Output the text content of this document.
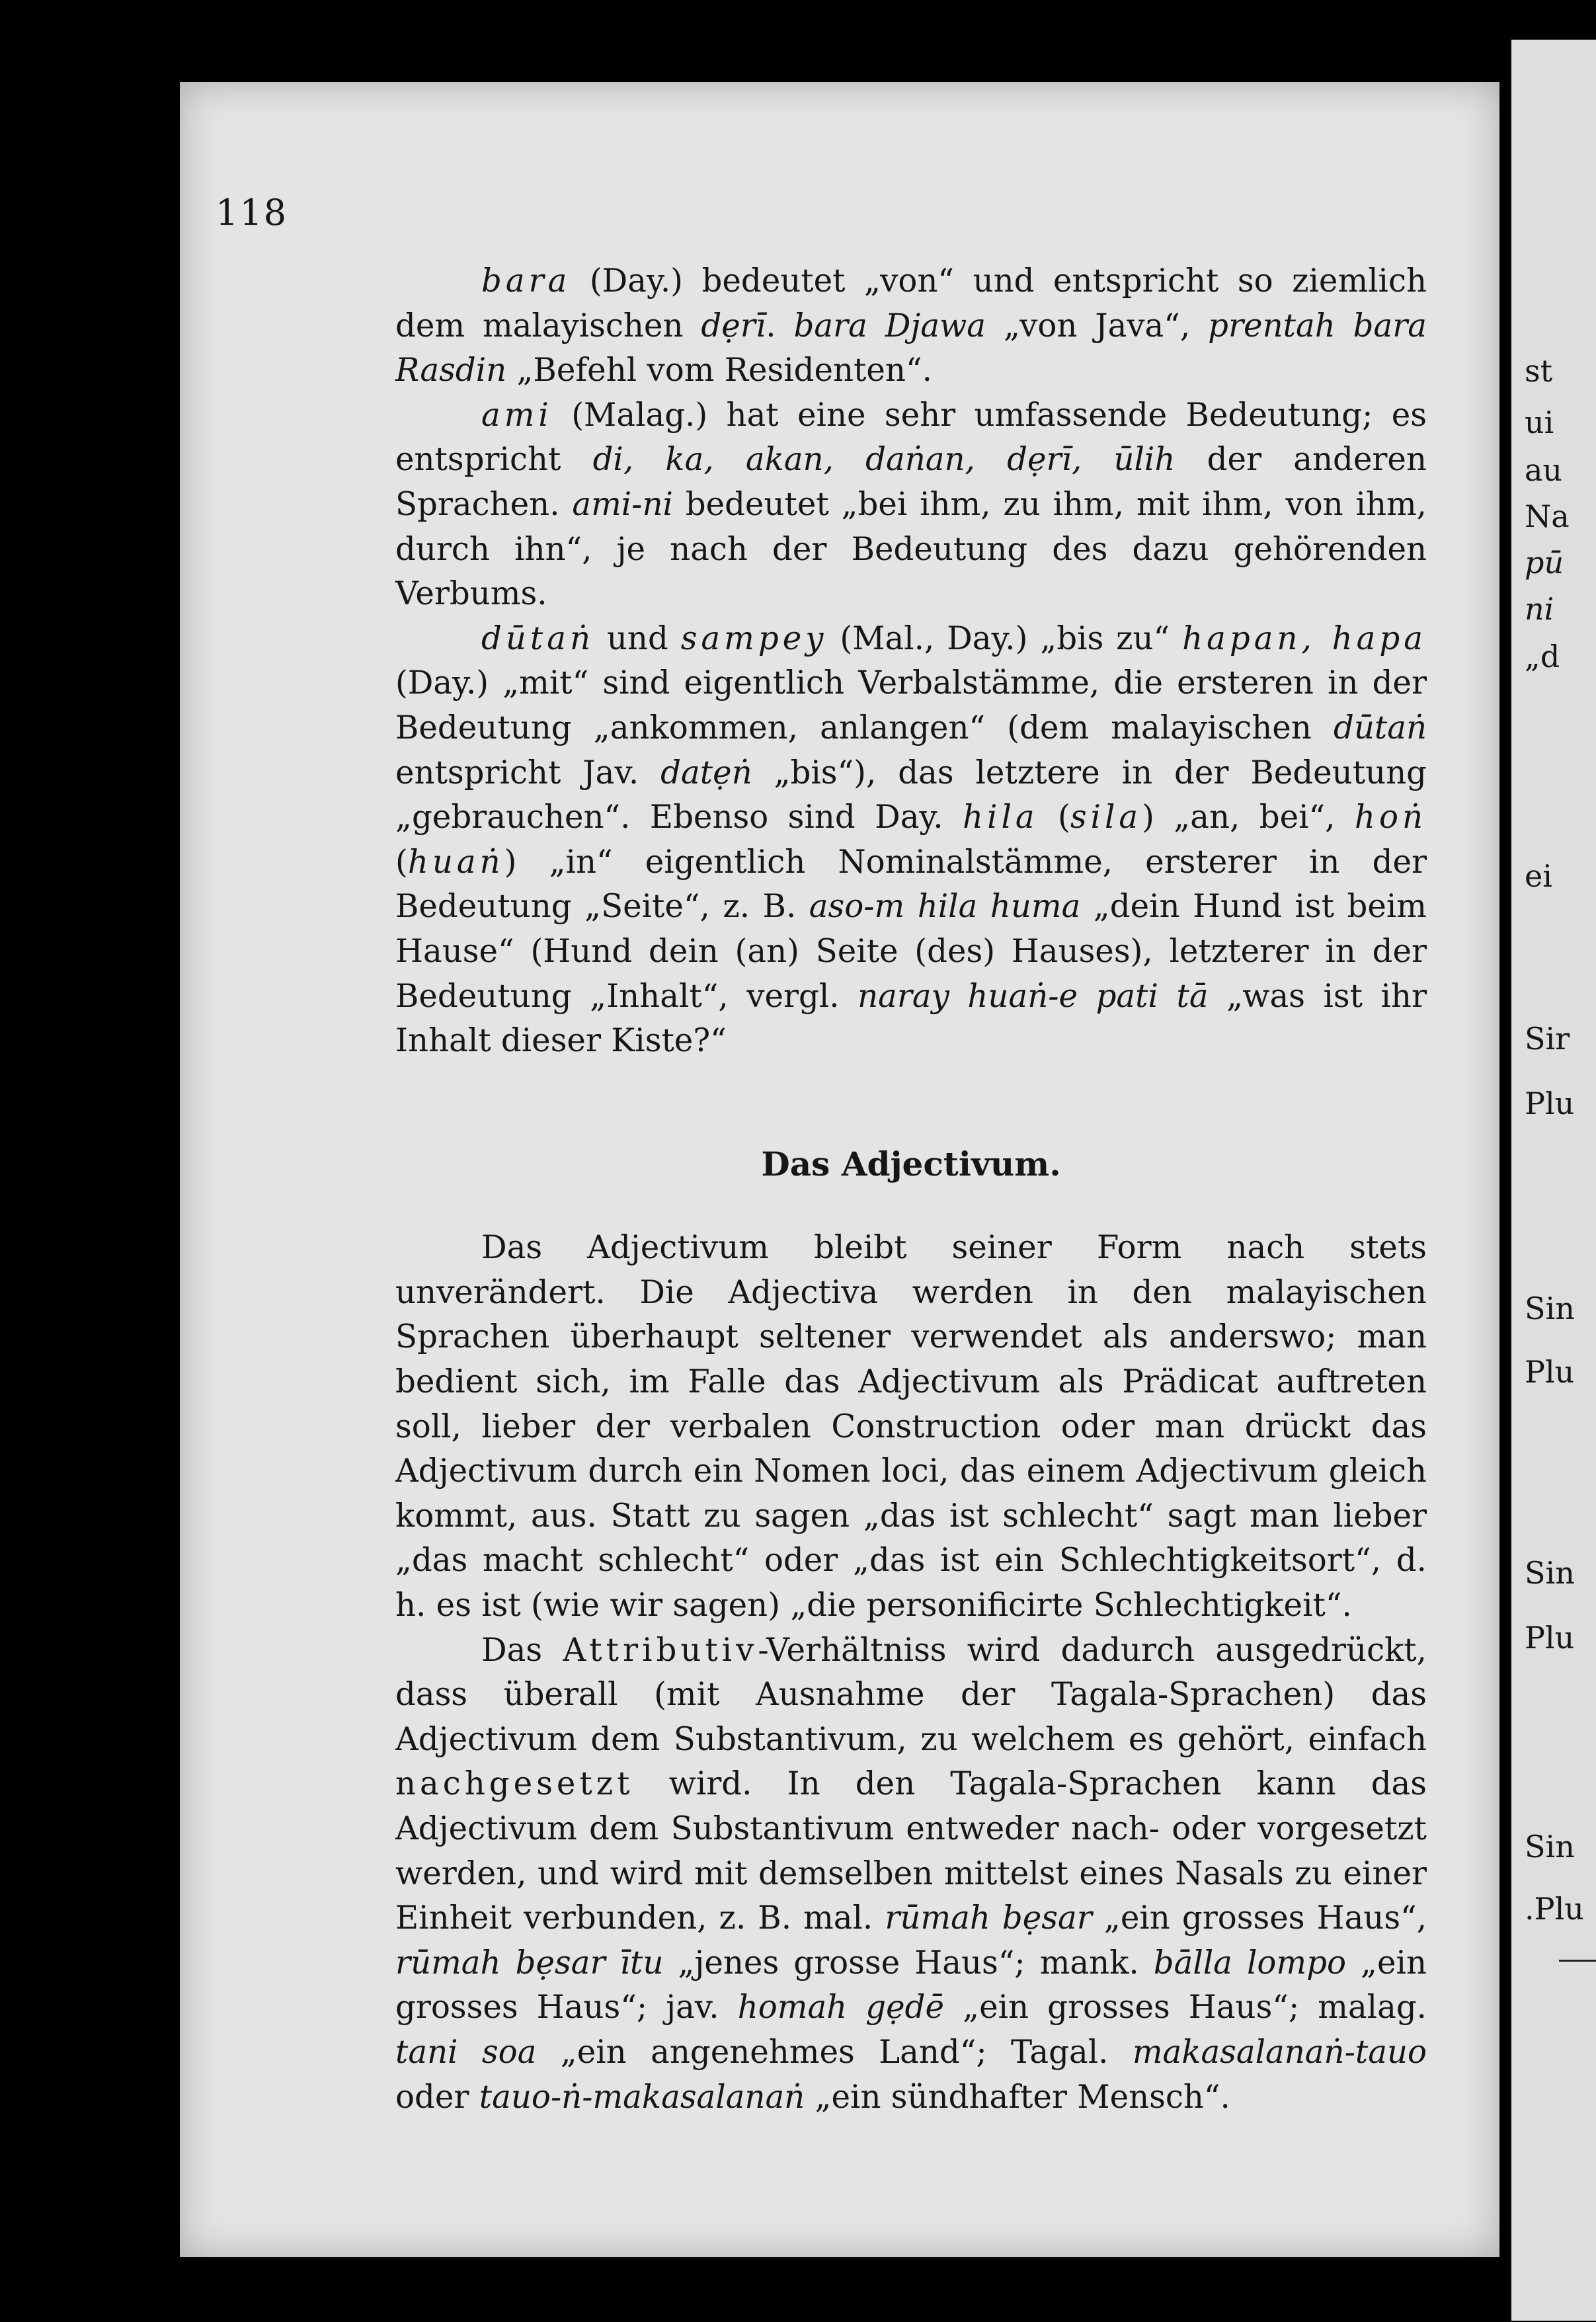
st
ui
au
Na
pū
ni
„d
ei
Sir
Plu
Sin
Plu
Sin
Plu
Sin
.Plu
118

bara (Day.) bedeutet „von“ und entspricht so ziemlich dem malayischen dẹrī. bara Djawa „von Java“, prentah bara Rasdin „Befehl vom Residenten“.

ami (Malag.) hat eine sehr umfassende Bedeutung; es entspricht di, ka, akan, daṅan, dẹrī, ūlih der anderen Sprachen. ami-ni bedeutet „bei ihm, zu ihm, mit ihm, von ihm, durch ihn“, je nach der Bedeutung des dazu gehörenden Verbums.

dūtaṅ und sampey (Mal., Day.) „bis zu“ hapan, hapa (Day.) „mit“ sind eigentlich Verbalstämme, die ersteren in der Bedeutung „ankommen, anlangen“ (dem malayischen dūtaṅ entspricht Jav. datẹṅ „bis“), das letztere in der Bedeutung „gebrauchen“. Ebenso sind Day. hila (sila) „an, bei“, hoṅ (huaṅ) „in“ eigentlich Nominalstämme, ersterer in der Bedeutung „Seite“, z. B. aso-m hila huma „dein Hund ist beim Hause“ (Hund dein (an) Seite (des) Hauses), letzterer in der Bedeutung „Inhalt“, vergl. naray huaṅ-e pati tā „was ist ihr Inhalt dieser Kiste?“

Das Adjectivum.

Das Adjectivum bleibt seiner Form nach stets unverändert. Die Adjectiva werden in den malayischen Sprachen überhaupt seltener verwendet als anderswo; man bedient sich, im Falle das Adjectivum als Prädicat auftreten soll, lieber der verbalen Construction oder man drückt das Adjectivum durch ein Nomen loci, das einem Adjectivum gleich kommt, aus. Statt zu sagen „das ist schlecht“ sagt man lieber „das macht schlecht“ oder „das ist ein Schlechtigkeitsort“, d. h. es ist (wie wir sagen) „die personificirte Schlechtigkeit“.

Das Attributiv-Verhältniss wird dadurch ausgedrückt, dass überall (mit Ausnahme der Tagala-Sprachen) das Adjectivum dem Substantivum, zu welchem es gehört, einfach nachgesetzt wird. In den Tagala-Sprachen kann das Adjectivum dem Substantivum entweder nach- oder vorgesetzt werden, und wird mit demselben mittelst eines Nasals zu einer Einheit verbunden, z. B. mal. rūmah bẹsar „ein grosses Haus“, rūmah bẹsar ītu „jenes grosse Haus“; mank. bālla lompo „ein grosses Haus“; jav. homah gẹdē „ein grosses Haus“; malag. tani soa „ein angenehmes Land“; Tagal. makasalanaṅ-tauo oder tauo-ṅ-makasalanaṅ „ein sündhafter Mensch“.
